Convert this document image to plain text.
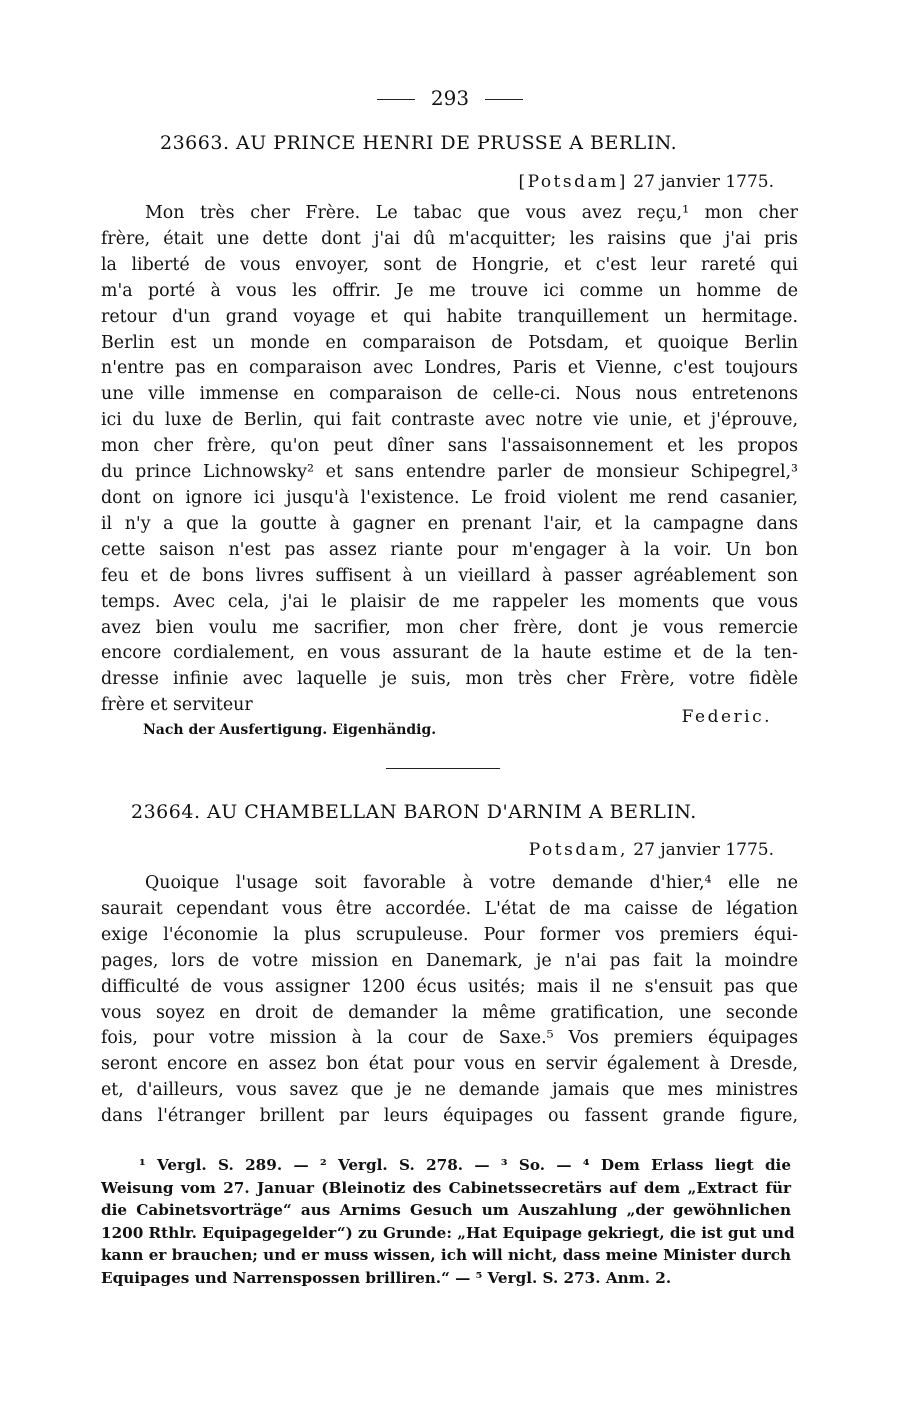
293
23663. AU PRINCE HENRI DE PRUSSE A BERLIN.
[Potsdam] 27 janvier 1775.
Mon très cher Frère. Le tabac que vous avez reçu,¹ mon cher
frère, était une dette dont j'ai dû m'acquitter; les raisins que j'ai pris
la liberté de vous envoyer, sont de Hongrie, et c'est leur rareté qui
m'a porté à vous les offrir. Je me trouve ici comme un homme de
retour d'un grand voyage et qui habite tranquillement un hermitage.
Berlin est un monde en comparaison de Potsdam, et quoique Berlin
n'entre pas en comparaison avec Londres, Paris et Vienne, c'est toujours
une ville immense en comparaison de celle-ci. Nous nous entretenons
ici du luxe de Berlin, qui fait contraste avec notre vie unie, et j'éprouve,
mon cher frère, qu'on peut dîner sans l'assaisonnement et les propos
du prince Lichnowsky² et sans entendre parler de monsieur Schipegrel,³
dont on ignore ici jusqu'à l'existence. Le froid violent me rend casanier,
il n'y a que la goutte à gagner en prenant l'air, et la campagne dans
cette saison n'est pas assez riante pour m'engager à la voir. Un bon
feu et de bons livres suffisent à un vieillard à passer agréablement son
temps. Avec cela, j'ai le plaisir de me rappeler les moments que vous
avez bien voulu me sacrifier, mon cher frère, dont je vous remercie
encore cordialement, en vous assurant de la haute estime et de la ten-
dresse infinie avec laquelle je suis, mon très cher Frère, votre fidèle
frère et serviteur
Federic.
Nach der Ausfertigung. Eigenhändig.
23664. AU CHAMBELLAN BARON D'ARNIM A BERLIN.
Potsdam, 27 janvier 1775.
Quoique l'usage soit favorable à votre demande d'hier,⁴ elle ne
saurait cependant vous être accordée. L'état de ma caisse de légation
exige l'économie la plus scrupuleuse. Pour former vos premiers équi-
pages, lors de votre mission en Danemark, je n'ai pas fait la moindre
difficulté de vous assigner 1200 écus usités; mais il ne s'ensuit pas que
vous soyez en droit de demander la même gratification, une seconde
fois, pour votre mission à la cour de Saxe.⁵ Vos premiers équipages
seront encore en assez bon état pour vous en servir également à Dresde,
et, d'ailleurs, vous savez que je ne demande jamais que mes ministres
dans l'étranger brillent par leurs équipages ou fassent grande figure,
¹ Vergl. S. 289. — ² Vergl. S. 278. — ³ So. — ⁴ Dem Erlass liegt die
Weisung vom 27. Januar (Bleinotiz des Cabinetssecretärs auf dem „Extract für
die Cabinetsvorträge“ aus Arnims Gesuch um Auszahlung „der gewöhnlichen
1200 Rthlr. Equipagegelder“) zu Grunde: „Hat Equipage gekriegt, die ist gut und
kann er brauchen; und er muss wissen, ich will nicht, dass meine Minister durch
Equipages und Narrenspossen brilliren.“ — ⁵ Vergl. S. 273. Anm. 2.
